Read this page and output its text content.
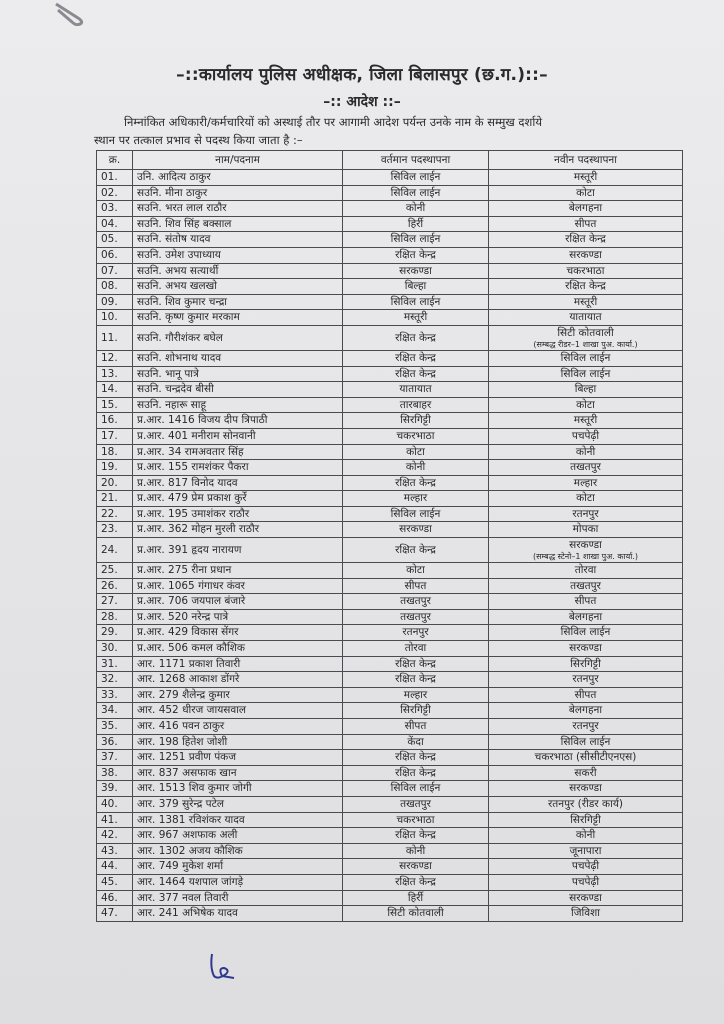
–::कार्यालय पुलिस अधीक्षक, जिला बिलासपुर (छ.ग.)::–
–:: आदेश ::–

निम्नांकित अधिकारी/कर्मचारियों को अस्थाई तौर पर आगामी आदेश पर्यन्त उनके नाम के सम्मुख दर्शाये

स्थान पर तत्काल प्रभाव से पदस्थ किया जाता है :–

क्र.	नाम/पदनाम	वर्तमान पदस्थापना	नवीन पदस्थापना
01.	उनि. आदित्य ठाकुर	सिविल लाईन	मस्तूरी
02.	सउनि. मीना ठाकुर	सिविल लाईन	कोटा
03.	सउनि. भरत लाल राठौर	कोनी	बेलगहना
04.	सउनि. शिव सिंह बक्साल	हिर्री	सीपत
05.	सउनि. संतोष यादव	सिविल लाईन	रक्षित केन्द्र
06.	सउनि. उमेश उपाध्याय	रक्षित केन्द्र	सरकण्डा
07.	सउनि. अभय सत्यार्थी	सरकण्डा	चकरभाठा
08.	सउनि. अभय खलखो	बिल्हा	रक्षित केन्द्र
09.	सउनि. शिव कुमार चन्द्रा	सिविल लाईन	मस्तूरी
10.	सउनि. कृष्ण कुमार मरकाम	मस्तूरी	यातायात
11.	सउनि. गौरीशंकर बघेल	रक्षित केन्द्र	सिटी कोतवाली
(सम्बद्ध रीडर–1 शाखा पुअ. कार्या.)

12.	सउनि. शोभनाथ यादव	रक्षित केन्द्र	सिविल लाईन
13.	सउनि. भानू पात्रे	रक्षित केन्द्र	सिविल लाईन
14.	सउनि. चन्द्रदेव बीसी	यातायात	बिल्हा
15.	सउनि. नहारू साहू	तारबाहर	कोटा
16.	प्र.आर. 1416 विजय दीप त्रिपाठी	सिरगिट्टी	मस्तूरी
17.	प्र.आर. 401 मनीराम सोनवानी	चकरभाठा	पचपेढ़ी
18.	प्र.आर. 34 रामअवतार सिंह	कोटा	कोनी
19.	प्र.आर. 155 रामशंकर पैकरा	कोनी	तखतपुर
20.	प्र.आर. 817 विनोद यादव	रक्षित केन्द्र	मल्हार
21.	प्र.आर. 479 प्रेम प्रकाश कुर्रे	मल्हार	कोटा
22.	प्र.आर. 195 उमाशंकर राठौर	सिविल लाईन	रतनपुर
23.	प्र.आर. 362 मोहन मुरली राठौर	सरकण्डा	मोपका
24.	प्र.आर. 391 हृदय नारायण	रक्षित केन्द्र	सरकण्डा
(सम्बद्ध स्टेनो–1 शाखा पुअ. कार्या.)

25.	प्र.आर. 275 रीना प्रधान	कोटा	तोरवा
26.	प्र.आर. 1065 गंगाधर कंवर	सीपत	तखतपुर
27.	प्र.आर. 706 जयपाल बंजारे	तखतपुर	सीपत
28.	प्र.आर. 520 नरेन्द्र पात्रे	तखतपुर	बेलगहना
29.	प्र.आर. 429 विकास सेंगर	रतनपुर	सिविल लाईन
30.	प्र.आर. 506 कमल कौशिक	तोरवा	सरकण्डा
31.	आर. 1171 प्रकाश तिवारी	रक्षित केन्द्र	सिरगिट्टी
32.	आर. 1268 आकाश डोंगरे	रक्षित केन्द्र	रतनपुर
33.	आर. 279 शैलेन्द्र कुमार	मल्हार	सीपत
34.	आर. 452 धीरज जायसवाल	सिरगिट्टी	बेलगहना
35.	आर. 416 पवन ठाकुर	सीपत	रतनपुर
36.	आर. 198 हितेश जोशी	केंदा	सिविल लाईन
37.	आर. 1251 प्रवीण पंकज	रक्षित केन्द्र	चकरभाठा (सीसीटीएनएस)
38.	आर. 837 असफाक खान	रक्षित केन्द्र	सकरी
39.	आर. 1513 शिव कुमार जोगी	सिविल लाईन	सरकण्डा
40.	आर. 379 सुरेन्द्र पटेल	तखतपुर	रतनपुर (रीडर कार्य)
41.	आर. 1381 रविशंकर यादव	चकरभाठा	सिरगिट्टी
42.	आर. 967 अशफाक अली	रक्षित केन्द्र	कोनी
43.	आर. 1302 अजय कौशिक	कोनी	जूनापारा
44.	आर. 749 मुकेश शर्मा	सरकण्डा	पचपेढ़ी
45.	आर. 1464 यशपाल जांगड़े	रक्षित केन्द्र	पचपेढ़ी
46.	आर. 377 नवल तिवारी	हिर्री	सरकण्डा
47.	आर. 241 अभिषेक यादव	सिटी कोतवाली	जिविशा
